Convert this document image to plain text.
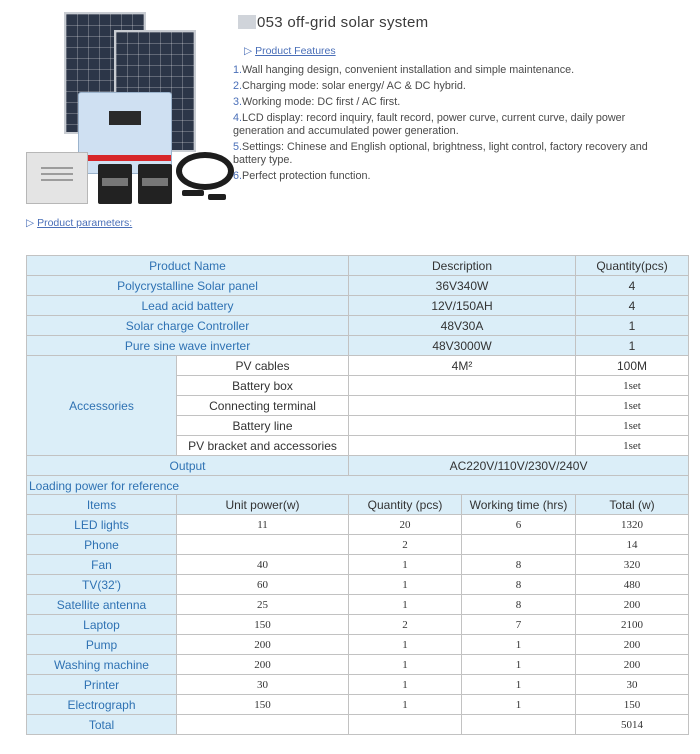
053 off-grid solar system
▷ Product Features
1.Wall hanging design, convenient installation and simple maintenance.
2.Charging mode: solar energy/ AC & DC hybrid.
3.Working mode: DC first / AC first.
4.LCD display: record inquiry, fault record, power curve, current curve, daily power generation and accumulated power generation.
5.Settings: Chinese and English optional, brightness, light control, factory recovery and battery type.
6.Perfect protection function.
▷ Product parameters:
Product Name		Description	Quantity(pcs)
Polycrystalline Solar panel		36V340W	4
Lead acid battery		12V/150AH	4
Solar charge Controller		48V30A	1
Pure sine wave inverter		48V3000W	1
Accessories	PV cables	4M²	100M
	Battery box		1set
	Connecting terminal		1set
	Battery line		1set
	PV bracket and accessories		1set
Output		AC220V/110V/230V/240V	
Loading power for reference			
Items	Unit power(w)	Quantity (pcs)	Working time (hrs)	Total (w)
LED lights	11	20	6	1320
Phone		2		14
Fan	40	1	8	320
TV(32')	60	1	8	480
Satellite antenna	25	1	8	200
Laptop	150	2	7	2100
Pump	200	1	1	200
Washing machine	200	1	1	200
Printer	30	1	1	30
Electrograph	150	1	1	150
Total				5014
